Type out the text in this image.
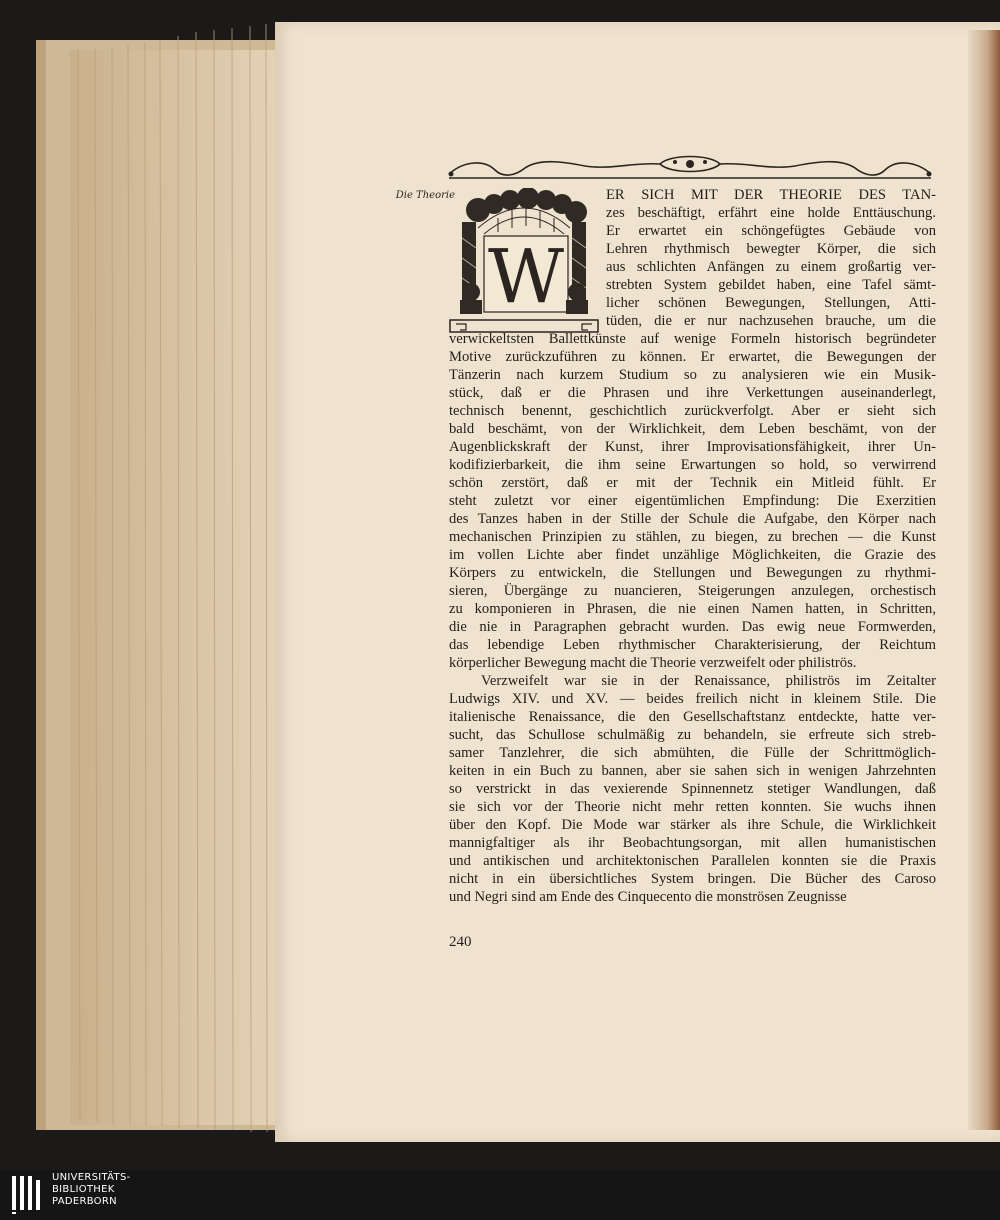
Die Theorie
W
ER SICH MIT DER THEORIE DES TAN-
zes beschäftigt, erfährt eine holde Enttäuschung.
Er erwartet ein schöngefügtes Gebäude von
Lehren rhythmisch bewegter Körper, die sich
aus schlichten Anfängen zu einem großartig ver-
strebten System gebildet haben, eine Tafel sämt-
licher schönen Bewegungen, Stellungen, Atti-
tüden, die er nur nachzusehen brauche, um die
verwickeltsten Ballettkünste auf wenige Formeln historisch begründeter
Motive zurückzuführen zu können. Er erwartet, die Bewegungen der
Tänzerin nach kurzem Studium so zu analysieren wie ein Musik-
stück, daß er die Phrasen und ihre Verkettungen auseinanderlegt,
technisch benennt, geschichtlich zurückverfolgt. Aber er sieht sich
bald beschämt, von der Wirklichkeit, dem Leben beschämt, von der
Augenblickskraft der Kunst, ihrer Improvisationsfähigkeit, ihrer Un-
kodifizierbarkeit, die ihm seine Erwartungen so hold, so verwirrend
schön zerstört, daß er mit der Technik ein Mitleid fühlt. Er
steht zuletzt vor einer eigentümlichen Empfindung: Die Exerzitien
des Tanzes haben in der Stille der Schule die Aufgabe, den Körper nach
mechanischen Prinzipien zu stählen, zu biegen, zu brechen — die Kunst
im vollen Lichte aber findet unzählige Möglichkeiten, die Grazie des
Körpers zu entwickeln, die Stellungen und Bewegungen zu rhythmi-
sieren, Übergänge zu nuancieren, Steigerungen anzulegen, orchestisch
zu komponieren in Phrasen, die nie einen Namen hatten, in Schritten,
die nie in Paragraphen gebracht wurden. Das ewig neue Formwerden,
das lebendige Leben rhythmischer Charakterisierung, der Reichtum
körperlicher Bewegung macht die Theorie verzweifelt oder philiströs.
Verzweifelt war sie in der Renaissance, philiströs im Zeitalter
Ludwigs XIV. und XV. — beides freilich nicht in kleinem Stile. Die
italienische Renaissance, die den Gesellschaftstanz entdeckte, hatte ver-
sucht, das Schullose schulmäßig zu behandeln, sie erfreute sich streb-
samer Tanzlehrer, die sich abmühten, die Fülle der Schrittmöglich-
keiten in ein Buch zu bannen, aber sie sahen sich in wenigen Jahrzehnten
so verstrickt in das vexierende Spinnennetz stetiger Wandlungen, daß
sie sich vor der Theorie nicht mehr retten konnten. Sie wuchs ihnen
über den Kopf. Die Mode war stärker als ihre Schule, die Wirklichkeit
mannigfaltiger als ihr Beobachtungsorgan, mit allen humanistischen
und antikischen und architektonischen Parallelen konnten sie die Praxis
nicht in ein übersichtliches System bringen. Die Bücher des Caroso
und Negri sind am Ende des Cinquecento die monströsen Zeugnisse
240
UNIVERSITÄTS-
BIBLIOTHEK
PADERBORN
